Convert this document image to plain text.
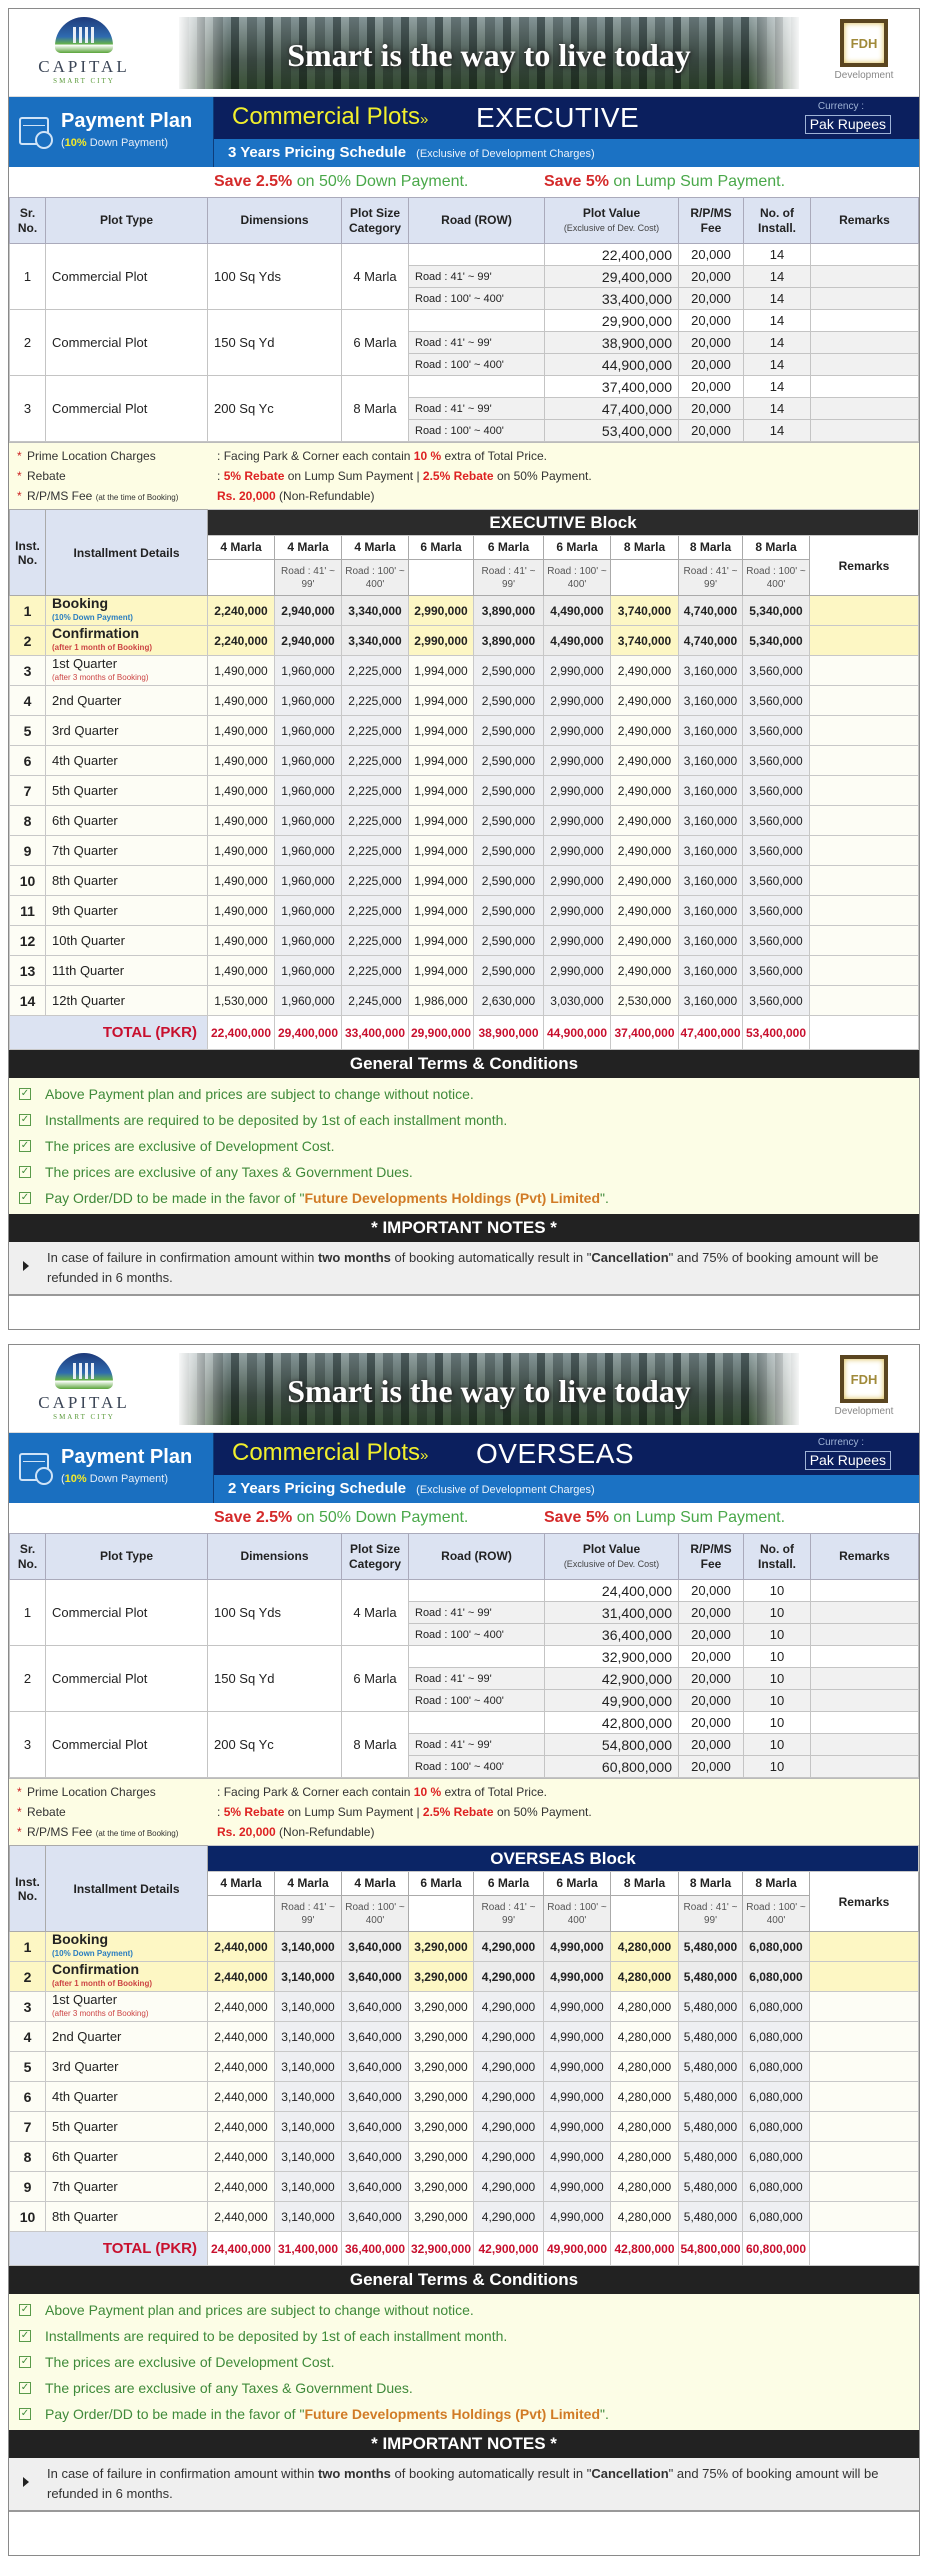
CAPITAL
SMART CITY
Smart is the way to live today	FDH
Development
Payment Plan
(10% Down Payment)
Commercial Plots» EXECUTIVE	Currency :
Pak Rupees
3 Years Pricing Schedule (Exclusive of Development Charges)
Save 2.5% on 50% Down Payment.	Save 5% on Lump Sum Payment.
Sr. No.	Plot Type	Dimensions	Plot Size Category	Road (ROW)	Plot Value
(Exclusive of Dev. Cost)	R/P/MS Fee	No. of Install.	Remarks
1	Commercial Plot	100 Sq Yds	4 Marla		22,400,000	20,000	14	
				Road : 41' ~ 99'	29,400,000	20,000	14	
				Road : 100' ~ 400'	33,400,000	20,000	14	
2	Commercial Plot	150 Sq Yd	6 Marla		29,900,000	20,000	14	
				Road : 41' ~ 99'	38,900,000	20,000	14	
				Road : 100' ~ 400'	44,900,000	20,000	14	
3	Commercial Plot	200 Sq Yc	8 Marla		37,400,000	20,000	14	
				Road : 41' ~ 99'	47,400,000	20,000	14	
				Road : 100' ~ 400'	53,400,000	20,000	14	
* Prime Location Charges	: Facing Park & Corner each contain 10 % extra of Total Price.
* Rebate	: 5% Rebate on Lump Sum Payment | 2.5% Rebate on 50% Payment.
* R/P/MS Fee (at the time of Booking)	Rs. 20,000 (Non-Refundable)
Inst. No.	Installment Details	EXECUTIVE Block									
		4 Marla	4 Marla	4 Marla	6 Marla	6 Marla	6 Marla	8 Marla	8 Marla	8 Marla	Remarks
			Road : 41' ~ 99'	Road : 100' ~ 400'		Road : 41' ~ 99'	Road : 100' ~ 400'		Road : 41' ~ 99'	Road : 100' ~ 400'	
1	Booking
(10% Down Payment)	2,240,000	2,940,000	3,340,000	2,990,000	3,890,000	4,490,000	3,740,000	4,740,000	5,340,000	
2	Confirmation
(after 1 month of Booking)	2,240,000	2,940,000	3,340,000	2,990,000	3,890,000	4,490,000	3,740,000	4,740,000	5,340,000	
3	1st Quarter
(after 3 months of Booking)	1,490,000	1,960,000	2,225,000	1,994,000	2,590,000	2,990,000	2,490,000	3,160,000	3,560,000	
4	2nd Quarter	1,490,000	1,960,000	2,225,000	1,994,000	2,590,000	2,990,000	2,490,000	3,160,000	3,560,000	
5	3rd Quarter	1,490,000	1,960,000	2,225,000	1,994,000	2,590,000	2,990,000	2,490,000	3,160,000	3,560,000	
6	4th Quarter	1,490,000	1,960,000	2,225,000	1,994,000	2,590,000	2,990,000	2,490,000	3,160,000	3,560,000	
7	5th Quarter	1,490,000	1,960,000	2,225,000	1,994,000	2,590,000	2,990,000	2,490,000	3,160,000	3,560,000	
8	6th Quarter	1,490,000	1,960,000	2,225,000	1,994,000	2,590,000	2,990,000	2,490,000	3,160,000	3,560,000	
9	7th Quarter	1,490,000	1,960,000	2,225,000	1,994,000	2,590,000	2,990,000	2,490,000	3,160,000	3,560,000	
10	8th Quarter	1,490,000	1,960,000	2,225,000	1,994,000	2,590,000	2,990,000	2,490,000	3,160,000	3,560,000	
11	9th Quarter	1,490,000	1,960,000	2,225,000	1,994,000	2,590,000	2,990,000	2,490,000	3,160,000	3,560,000	
12	10th Quarter	1,490,000	1,960,000	2,225,000	1,994,000	2,590,000	2,990,000	2,490,000	3,160,000	3,560,000	
13	11th Quarter	1,490,000	1,960,000	2,225,000	1,994,000	2,590,000	2,990,000	2,490,000	3,160,000	3,560,000	
14	12th Quarter	1,530,000	1,960,000	2,245,000	1,986,000	2,630,000	3,030,000	2,530,000	3,160,000	3,560,000	
TOTAL (PKR)		22,400,000	29,400,000	33,400,000	29,900,000	38,900,000	44,900,000	37,400,000	47,400,000	53,400,000	
General Terms & Conditions
✓ Above Payment plan and prices are subject to change without notice.
✓ Installments are required to be deposited by 1st of each installment month.
✓ The prices are exclusive of Development Cost.
✓ The prices are exclusive of any Taxes & Government Dues.
✓ Pay Order/DD to be made in the favor of " Future Developments Holdings (Pvt) Limited ".
* IMPORTANT NOTES *
In case of failure in confirmation amount within two months of booking automatically result in "Cancellation" and 75% of booking amount will be refunded in 6 months.
CAPITAL
SMART CITY
Smart is the way to live today	FDH
Development
Payment Plan
(10% Down Payment)
Commercial Plots» OVERSEAS	Currency :
Pak Rupees
2 Years Pricing Schedule (Exclusive of Development Charges)
Save 2.5% on 50% Down Payment.	Save 5% on Lump Sum Payment.
Sr. No.	Plot Type	Dimensions	Plot Size Category	Road (ROW)	Plot Value
(Exclusive of Dev. Cost)	R/P/MS Fee	No. of Install.	Remarks
1	Commercial Plot	100 Sq Yds	4 Marla		24,400,000	20,000	10	
				Road : 41' ~ 99'	31,400,000	20,000	10	
				Road : 100' ~ 400'	36,400,000	20,000	10	
2	Commercial Plot	150 Sq Yd	6 Marla		32,900,000	20,000	10	
				Road : 41' ~ 99'	42,900,000	20,000	10	
				Road : 100' ~ 400'	49,900,000	20,000	10	
3	Commercial Plot	200 Sq Yc	8 Marla		42,800,000	20,000	10	
				Road : 41' ~ 99'	54,800,000	20,000	10	
				Road : 100' ~ 400'	60,800,000	20,000	10	
* Prime Location Charges	: Facing Park & Corner each contain 10 % extra of Total Price.
* Rebate	: 5% Rebate on Lump Sum Payment | 2.5% Rebate on 50% Payment.
* R/P/MS Fee (at the time of Booking)	Rs. 20,000 (Non-Refundable)
Inst. No.	Installment Details	OVERSEAS Block									
		4 Marla	4 Marla	4 Marla	6 Marla	6 Marla	6 Marla	8 Marla	8 Marla	8 Marla	Remarks
			Road : 41' ~ 99'	Road : 100' ~ 400'		Road : 41' ~ 99'	Road : 100' ~ 400'		Road : 41' ~ 99'	Road : 100' ~ 400'	
1	Booking
(10% Down Payment)	2,440,000	3,140,000	3,640,000	3,290,000	4,290,000	4,990,000	4,280,000	5,480,000	6,080,000	
2	Confirmation
(after 1 month of Booking)	2,440,000	3,140,000	3,640,000	3,290,000	4,290,000	4,990,000	4,280,000	5,480,000	6,080,000	
3	1st Quarter
(after 3 months of Booking)	2,440,000	3,140,000	3,640,000	3,290,000	4,290,000	4,990,000	4,280,000	5,480,000	6,080,000	
4	2nd Quarter	2,440,000	3,140,000	3,640,000	3,290,000	4,290,000	4,990,000	4,280,000	5,480,000	6,080,000	
5	3rd Quarter	2,440,000	3,140,000	3,640,000	3,290,000	4,290,000	4,990,000	4,280,000	5,480,000	6,080,000	
6	4th Quarter	2,440,000	3,140,000	3,640,000	3,290,000	4,290,000	4,990,000	4,280,000	5,480,000	6,080,000	
7	5th Quarter	2,440,000	3,140,000	3,640,000	3,290,000	4,290,000	4,990,000	4,280,000	5,480,000	6,080,000	
8	6th Quarter	2,440,000	3,140,000	3,640,000	3,290,000	4,290,000	4,990,000	4,280,000	5,480,000	6,080,000	
9	7th Quarter	2,440,000	3,140,000	3,640,000	3,290,000	4,290,000	4,990,000	4,280,000	5,480,000	6,080,000	
10	8th Quarter	2,440,000	3,140,000	3,640,000	3,290,000	4,290,000	4,990,000	4,280,000	5,480,000	6,080,000	
TOTAL (PKR)		24,400,000	31,400,000	36,400,000	32,900,000	42,900,000	49,900,000	42,800,000	54,800,000	60,800,000	
General Terms & Conditions
✓ Above Payment plan and prices are subject to change without notice.
✓ Installments are required to be deposited by 1st of each installment month.
✓ The prices are exclusive of Development Cost.
✓ The prices are exclusive of any Taxes & Government Dues.
✓ Pay Order/DD to be made in the favor of " Future Developments Holdings (Pvt) Limited ".
* IMPORTANT NOTES *
In case of failure in confirmation amount within two months of booking automatically result in "Cancellation" and 75% of booking amount will be refunded in 6 months.
